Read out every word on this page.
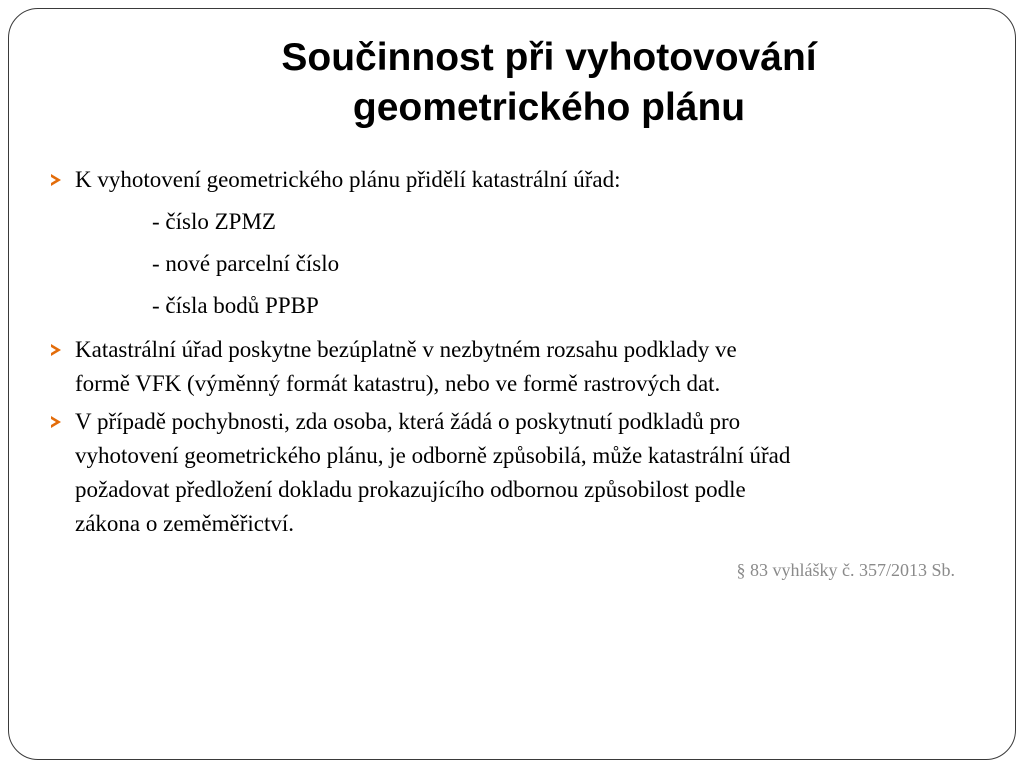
Součinnost při vyhotovování
geometrického plánu
K vyhotovení geometrického plánu přidělí katastrální úřad:
- číslo ZPMZ
- nové parcelní číslo
- čísla bodů PPBP
Katastrální úřad poskytne bezúplatně v nezbytném rozsahu podklady ve
formě VFK (výměnný formát katastru), nebo ve formě rastrových dat.
V případě pochybnosti, zda osoba, která žádá o poskytnutí podkladů pro
vyhotovení geometrického plánu, je odborně způsobilá, může katastrální úřad
požadovat předložení dokladu prokazujícího odbornou způsobilost podle
zákona o zeměměřictví.
§ 83 vyhlášky č. 357/2013 Sb.
